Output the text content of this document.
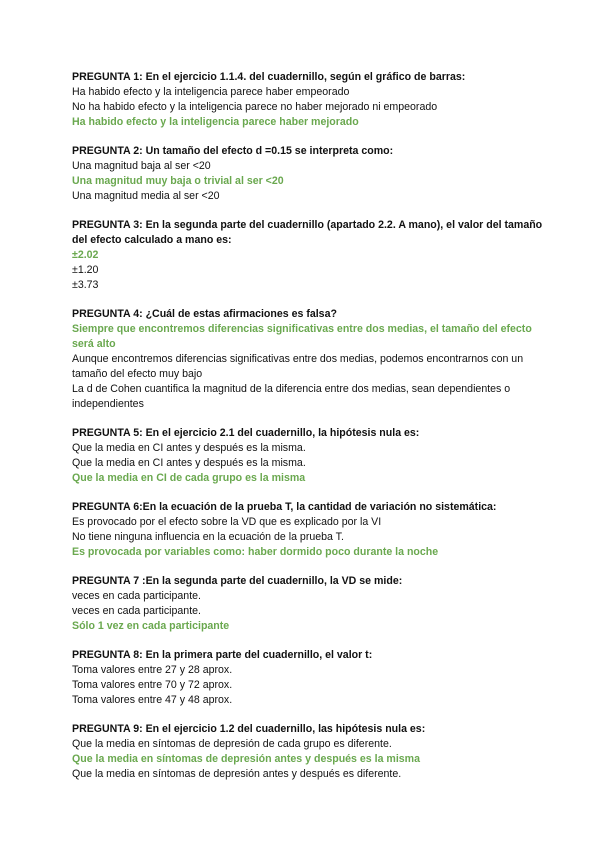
PREGUNTA 1: En el ejercicio 1.1.4. del cuadernillo, según el gráfico de barras:

Ha habido efecto y la inteligencia parece haber empeorado
No ha habido efecto y la inteligencia parece no haber mejorado ni empeorado
Ha habido efecto y la inteligencia parece haber mejorado

PREGUNTA 2: Un tamaño del efecto d =0.15 se interpreta como:

Una magnitud baja al ser <20
Una magnitud muy baja o trivial al ser <20
Una magnitud media al ser <20

PREGUNTA 3: En la segunda parte del cuadernillo (apartado 2.2. A mano), el valor del tamaño del efecto calculado a mano es:

±2.02
±1.20
±3.73

PREGUNTA 4: ¿Cuál de estas afirmaciones es falsa?

Siempre que encontremos diferencias significativas entre dos medias, el tamaño del efecto será alto
Aunque encontremos diferencias significativas entre dos medias, podemos encontrarnos con un tamaño del efecto muy bajo
La d de Cohen cuantifica la magnitud de la diferencia entre dos medias, sean dependientes o independientes

PREGUNTA 5: En el ejercicio 2.1 del cuadernillo, la hipótesis nula es:

Que la media en CI antes y después es la misma.
Que la media en CI antes y después es la misma.
Que la media en CI de cada grupo es la misma

PREGUNTA 6:En la ecuación de la prueba T, la cantidad de variación no sistemática:

Es provocado por el efecto sobre la VD que es explicado por la VI
No tiene ninguna influencia en la ecuación de la prueba T.
Es provocada por variables como: haber dormido poco durante la noche

PREGUNTA 7 :En la segunda parte del cuadernillo, la VD se mide:

veces en cada participante.
veces en cada participante.
Sólo 1 vez en cada participante

PREGUNTA 8: En la primera parte del cuadernillo, el valor t:

Toma valores entre 27 y 28 aprox.
Toma valores entre 70 y 72 aprox.
Toma valores entre 47 y 48 aprox.

PREGUNTA 9: En el ejercicio 1.2 del cuadernillo, las hipótesis nula es:

Que la media en síntomas de depresión de cada grupo es diferente.
Que la media en síntomas de depresión antes y después es la misma
Que la media en síntomas de depresión antes y después es diferente.
